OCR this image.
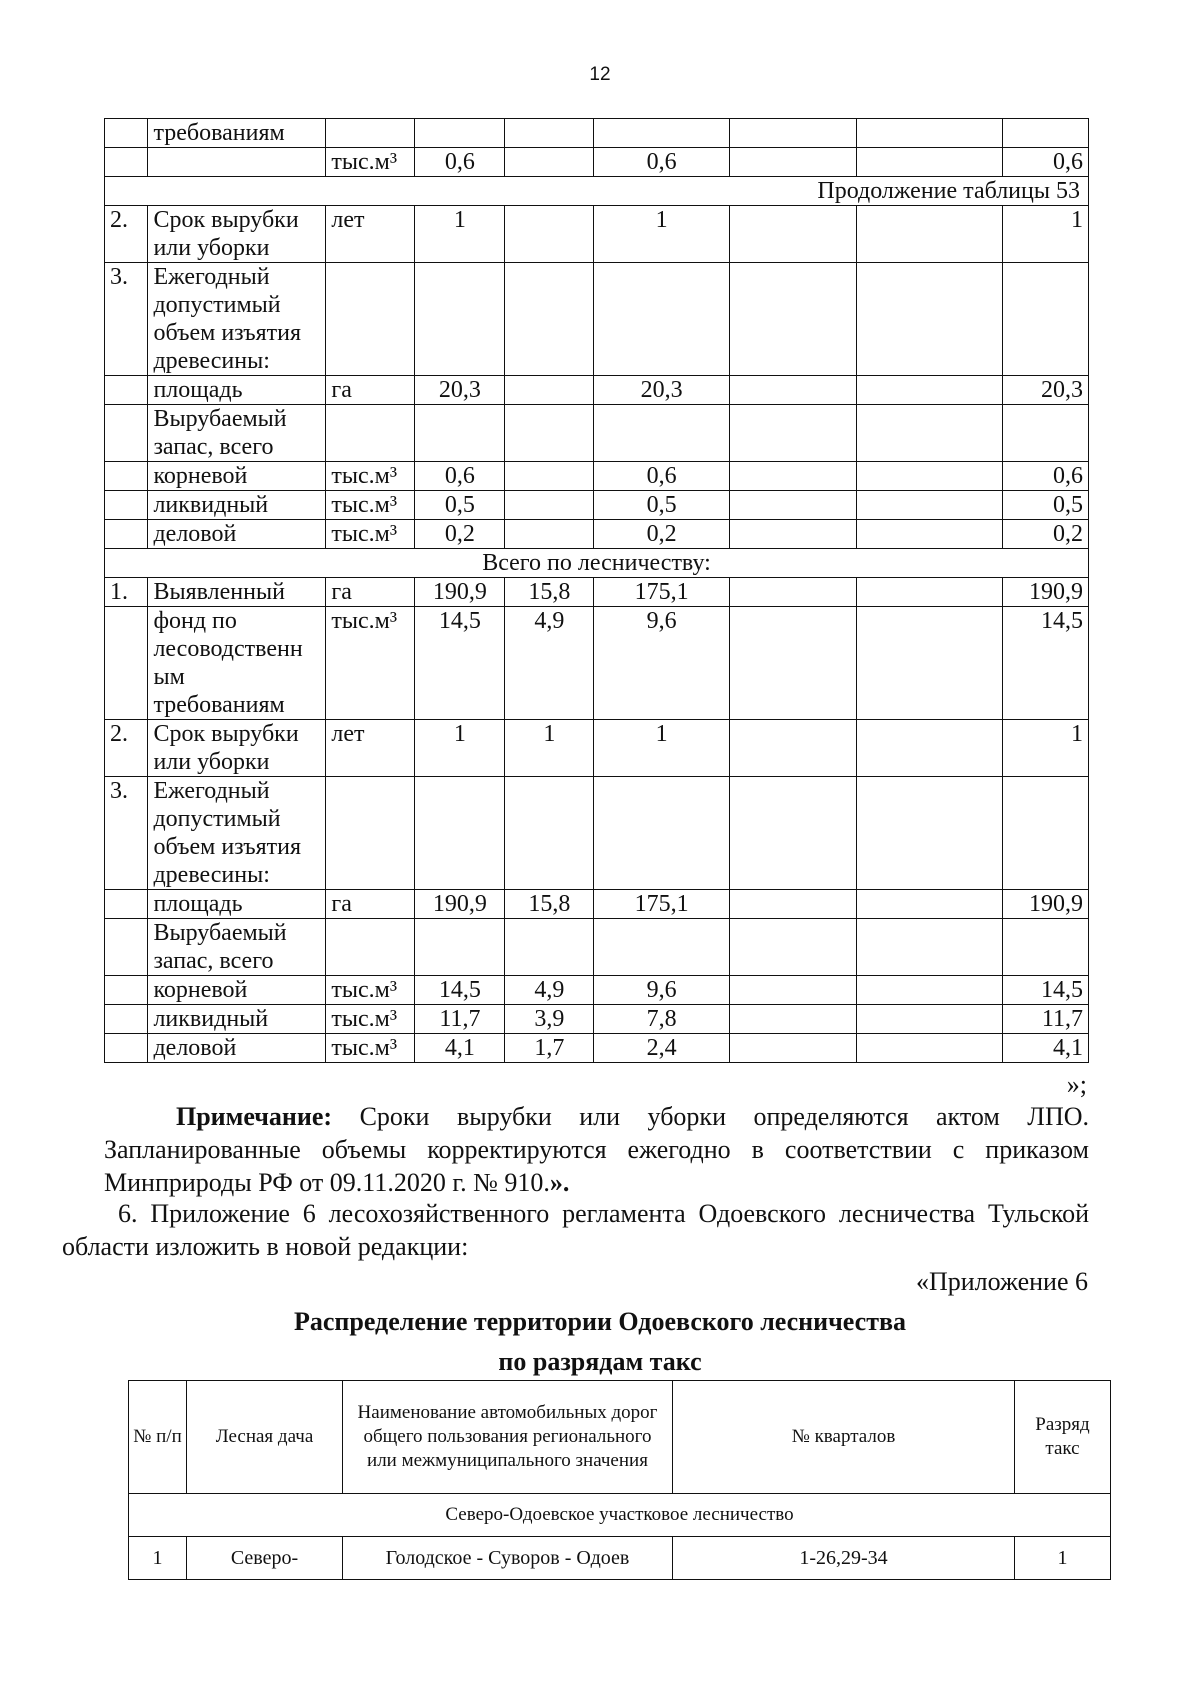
12
	требованиям							
		тыс.м³	0,6		0,6			0,6
Продолжение таблицы 53								
2.	Срок вырубки или уборки	лет	1		1			1
3.	Ежегодный допустимый объем изъятия древесины:							
	площадь	га	20,3		20,3			20,3
	Вырубаемый запас, всего							
	корневой	тыс.м³	0,6		0,6			0,6
	ликвидный	тыс.м³	0,5		0,5			0,5
	деловой	тыс.м³	0,2		0,2			0,2
Всего по лесничеству:								
1.	Выявленный	га	190,9	15,8	175,1			190,9
	фонд по лесоводственн ым требованиям	тыс.м³	14,5	4,9	9,6			14,5
2.	Срок вырубки или уборки	лет	1	1	1			1
3.	Ежегодный допустимый объем изъятия древесины:							
	площадь	га	190,9	15,8	175,1			190,9
	Вырубаемый запас, всего							
	корневой	тыс.м³	14,5	4,9	9,6			14,5
	ликвидный	тыс.м³	11,7	3,9	7,8			11,7
	деловой	тыс.м³	4,1	1,7	2,4			4,1
»;
Примечание: Сроки вырубки или уборки определяются актом ЛПО. Запланированные объемы корректируются ежегодно в соответствии с приказом Минприроды РФ от 09.11.2020 г. № 910.».
6. Приложение 6 лесохозяйственного регламента Одоевского лесничества Тульской области изложить в новой редакции:
«Приложение 6
Распределение территории Одоевского лесничества
по разрядам такс
№ п/п	Лесная дача	Наименование автомобильных дорог общего пользования регионального или межмуниципального значения	№ кварталов	Разряд такс
Северо-Одоевское участковое лесничество				
1	Северо-	Голодское - Суворов - Одоев	1-26,29-34	1
